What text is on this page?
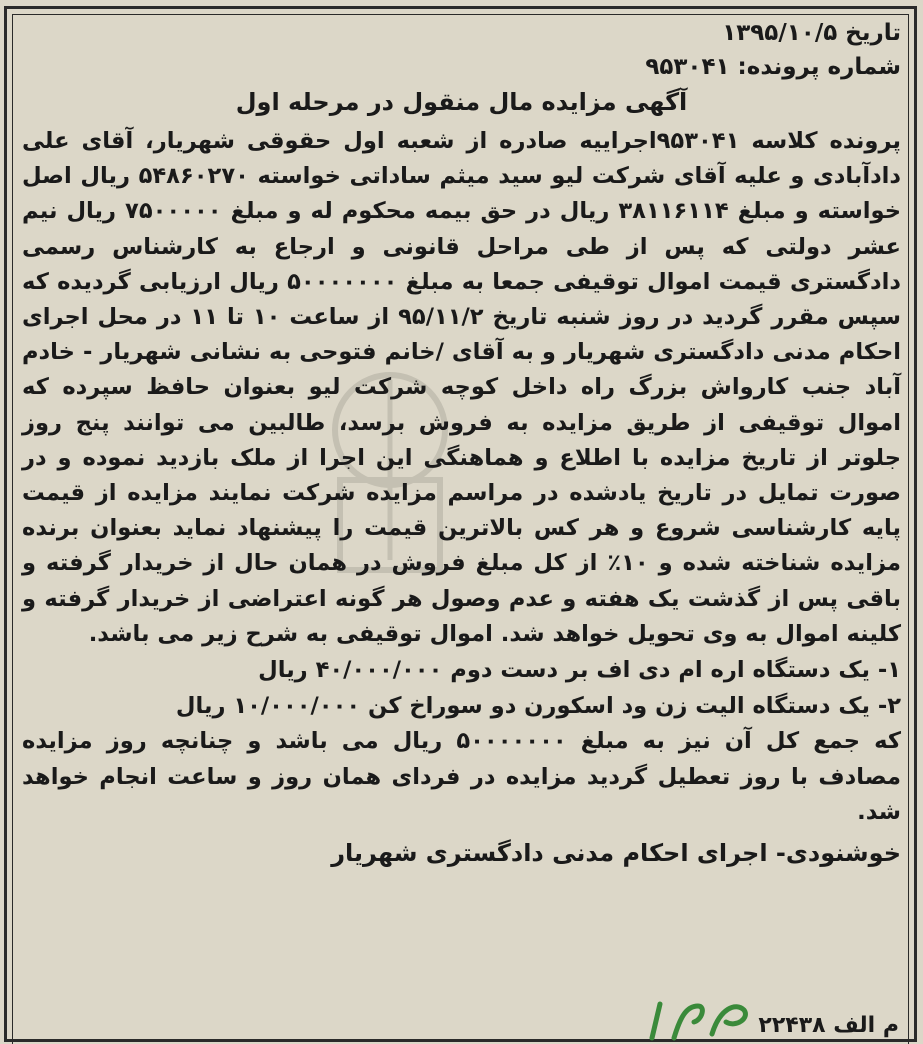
تاریخ ۱۳۹۵/۱۰/۵
شماره پرونده: ۹۵۳۰۴۱
آگهی مزایده مال منقول در مرحله اول
پرونده کلاسه ۹۵۳۰۴۱اجراییه صادره از شعبه اول حقوقی شهریار، آقای علی دادآبادی و علیه آقای شرکت لیو سید میثم ساداتی خواسته ۵۴۸۶۰۲۷۰ ریال اصل خواسته و مبلغ ۳۸۱۱۶۱۱۴ ریال در حق بیمه محکوم له و مبلغ ۷۵۰۰۰۰۰ ریال نیم عشر دولتی که پس از طی مراحل قانونی و ارجاع به کارشناس رسمی دادگستری قیمت اموال توقیفی جمعا به مبلغ ۵۰۰۰۰۰۰۰ ریال ارزیابی گردیده که سپس مقرر گردید در روز شنبه تاریخ ۹۵/۱۱/۲ از ساعت ۱۰ تا ۱۱ در محل اجرای احکام مدنی دادگستری شهریار و به آقای /خانم فتوحی به نشانی شهریار - خادم آباد جنب کارواش بزرگ راه داخل کوچه شرکت لیو بعنوان حافظ سپرده که اموال توقیفی از طریق مزایده به فروش برسد، طالبین می توانند پنج روز جلوتر از تاریخ مزایده با اطلاع و هماهنگی این اجرا از ملک بازدید نموده و در صورت تمایل در تاریخ یادشده در مراسم مزایده شرکت نمایند مزایده از قیمت پایه کارشناسی شروع و هر کس بالاترین قیمت را پیشنهاد نماید بعنوان برنده مزایده شناخته شده و ۱۰٪ از کل مبلغ فروش در همان حال از خریدار گرفته و باقی پس از گذشت یک هفته و عدم وصول هر گونه اعتراضی از خریدار گرفته و کلینه اموال به وی تحویل خواهد شد. اموال توقیفی به شرح زیر می باشد.
۱- یک دستگاه اره ام دی اف بر دست دوم ۴۰/۰۰۰/۰۰۰ ریال
۲- یک دستگاه الیت زن ود اسکورن دو سوراخ کن ۱۰/۰۰۰/۰۰۰ ریال
که جمع کل آن نیز به مبلغ ۵۰۰۰۰۰۰۰ ریال می باشد و چنانچه روز مزایده مصادف با روز تعطیل گردید مزایده در فردای همان روز و ساعت انجام خواهد شد.
خوشنودی- اجرای احکام مدنی دادگستری شهریار
م الف ۲۲۴۳۸
